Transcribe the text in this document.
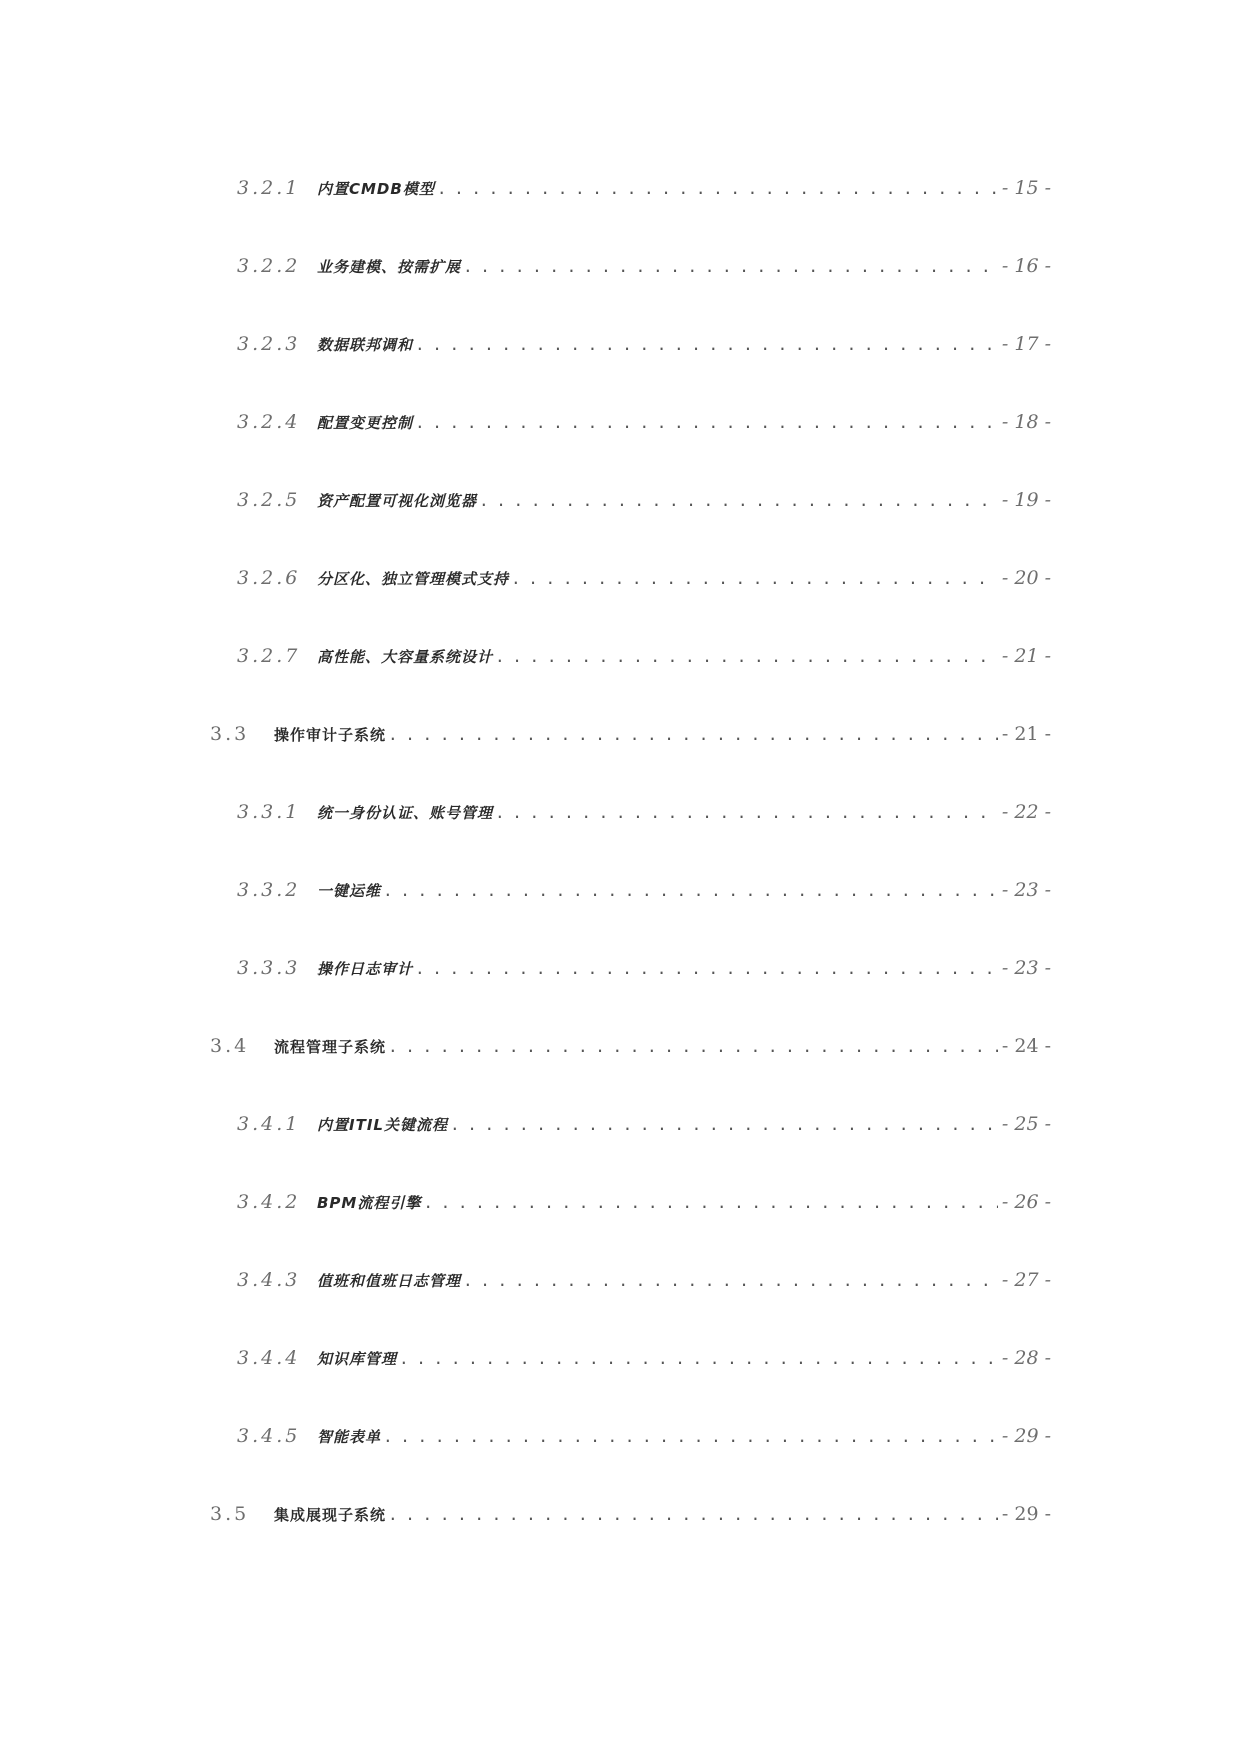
3.2.1	内置CMDB模型 . . .	- 15 -
3.2.2	业务建模、按需扩展 . . .	- 16 -
3.2.3	数据联邦调和 . . .	- 17 -
3.2.4	配置变更控制 . . .	- 18 -
3.2.5	资产配置可视化浏览器 . . .	- 19 -
3.2.6	分区化、独立管理模式支持 . . .	- 20 -
3.2.7	高性能、大容量系统设计 . . .	- 21 -
3.3	操作审计子系统 . . .	- 21 -
3.3.1	统一身份认证、账号管理 . . .	- 22 -
3.3.2	一键运维 . . .	- 23 -
3.3.3	操作日志审计 . . .	- 23 -
3.4	流程管理子系统 . . .	- 24 -
3.4.1	内置ITIL关键流程 . . .	- 25 -
3.4.2	BPM流程引擎 . . .	- 26 -
3.4.3	值班和值班日志管理 . . .	- 27 -
3.4.4	知识库管理 . . .	- 28 -
3.4.5	智能表单 . . .	- 29 -
3.5	集成展现子系统 . . .	- 29 -
